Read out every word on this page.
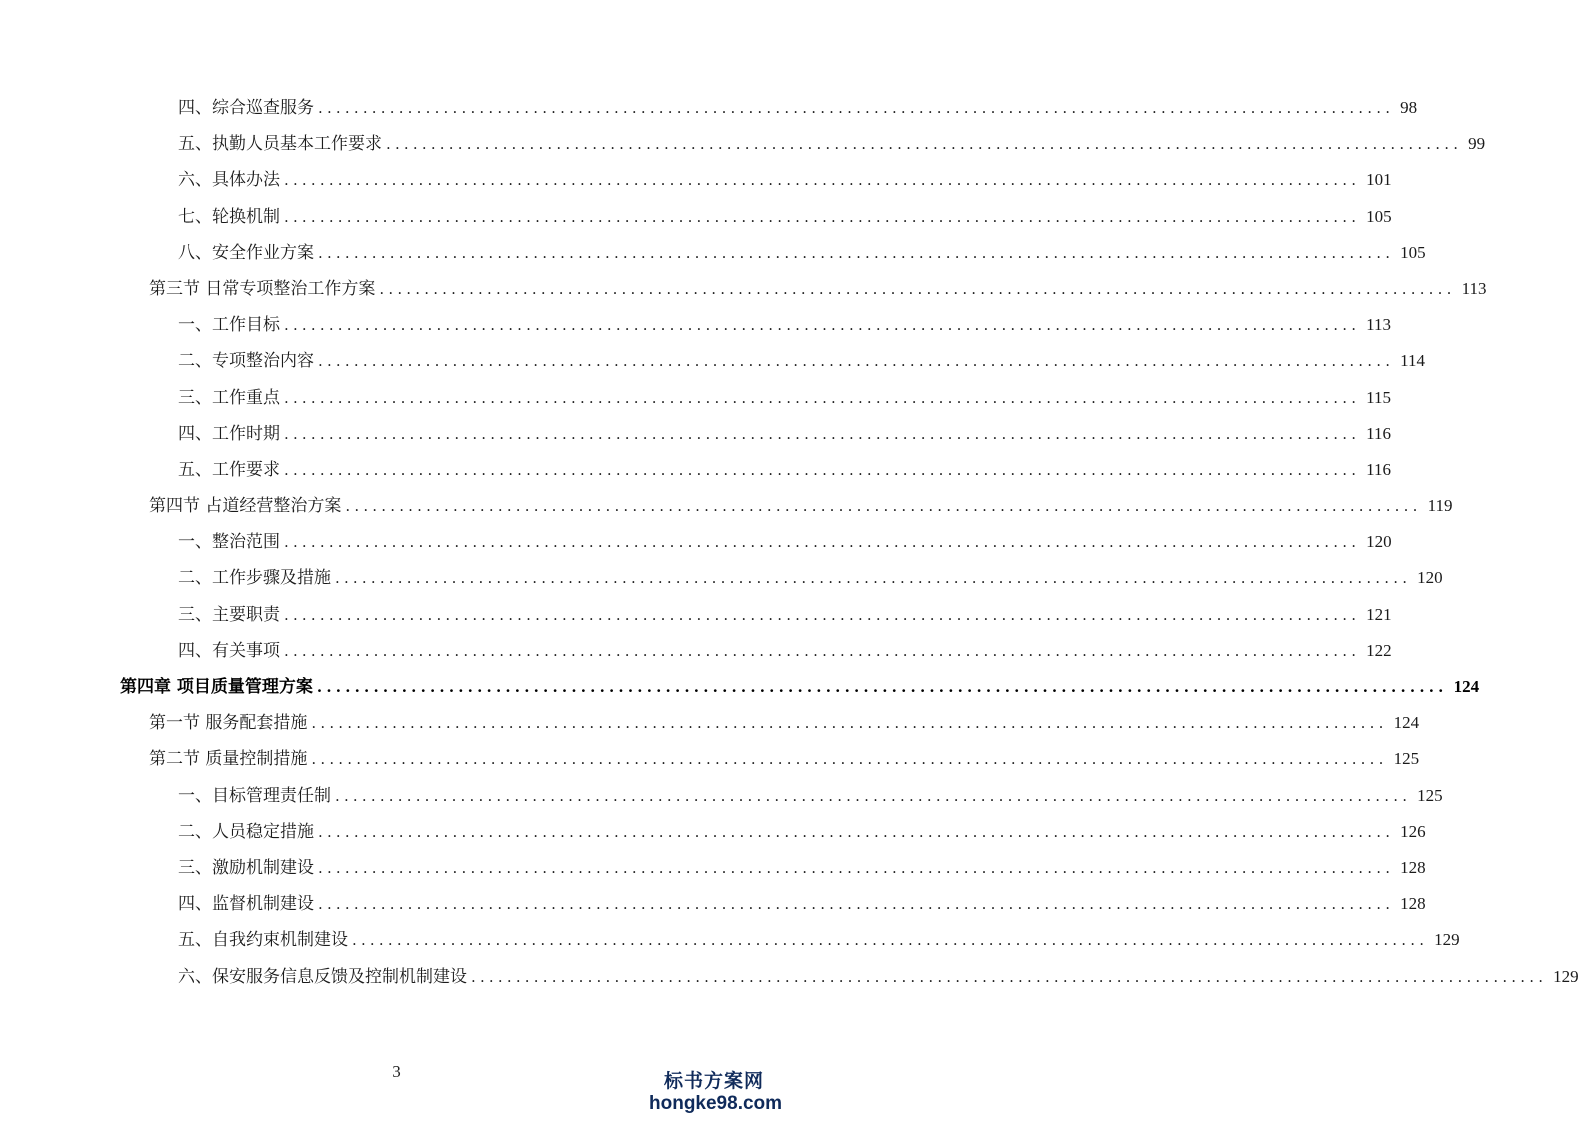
四、综合巡查服务 ........................................................................................................................ 98
五、执勤人员基本工作要求 ........................................................................................................................ 99
六、具体办法 ........................................................................................................................ 101
七、轮换机制 ........................................................................................................................ 105
八、安全作业方案 ........................................................................................................................ 105
第三节 日常专项整治工作方案 ........................................................................................................................ 113
一、工作目标 ........................................................................................................................ 113
二、专项整治内容 ........................................................................................................................ 114
三、工作重点 ........................................................................................................................ 115
四、工作时期 ........................................................................................................................ 116
五、工作要求 ........................................................................................................................ 116
第四节 占道经营整治方案 ........................................................................................................................ 119
一、整治范围 ........................................................................................................................ 120
二、工作步骤及措施 ........................................................................................................................ 120
三、主要职责 ........................................................................................................................ 121
四、有关事项 ........................................................................................................................ 122
第四章 项目质量管理方案 ........................................................................................................................ 124
第一节 服务配套措施 ........................................................................................................................ 124
第二节 质量控制措施 ........................................................................................................................ 125
一、目标管理责任制 ........................................................................................................................ 125
二、人员稳定措施 ........................................................................................................................ 126
三、激励机制建设 ........................................................................................................................ 128
四、监督机制建设 ........................................................................................................................ 128
五、自我约束机制建设 ........................................................................................................................ 129
六、保安服务信息反馈及控制机制建设 ........................................................................................................................ 129
3	标书方案网
hongke98.com
